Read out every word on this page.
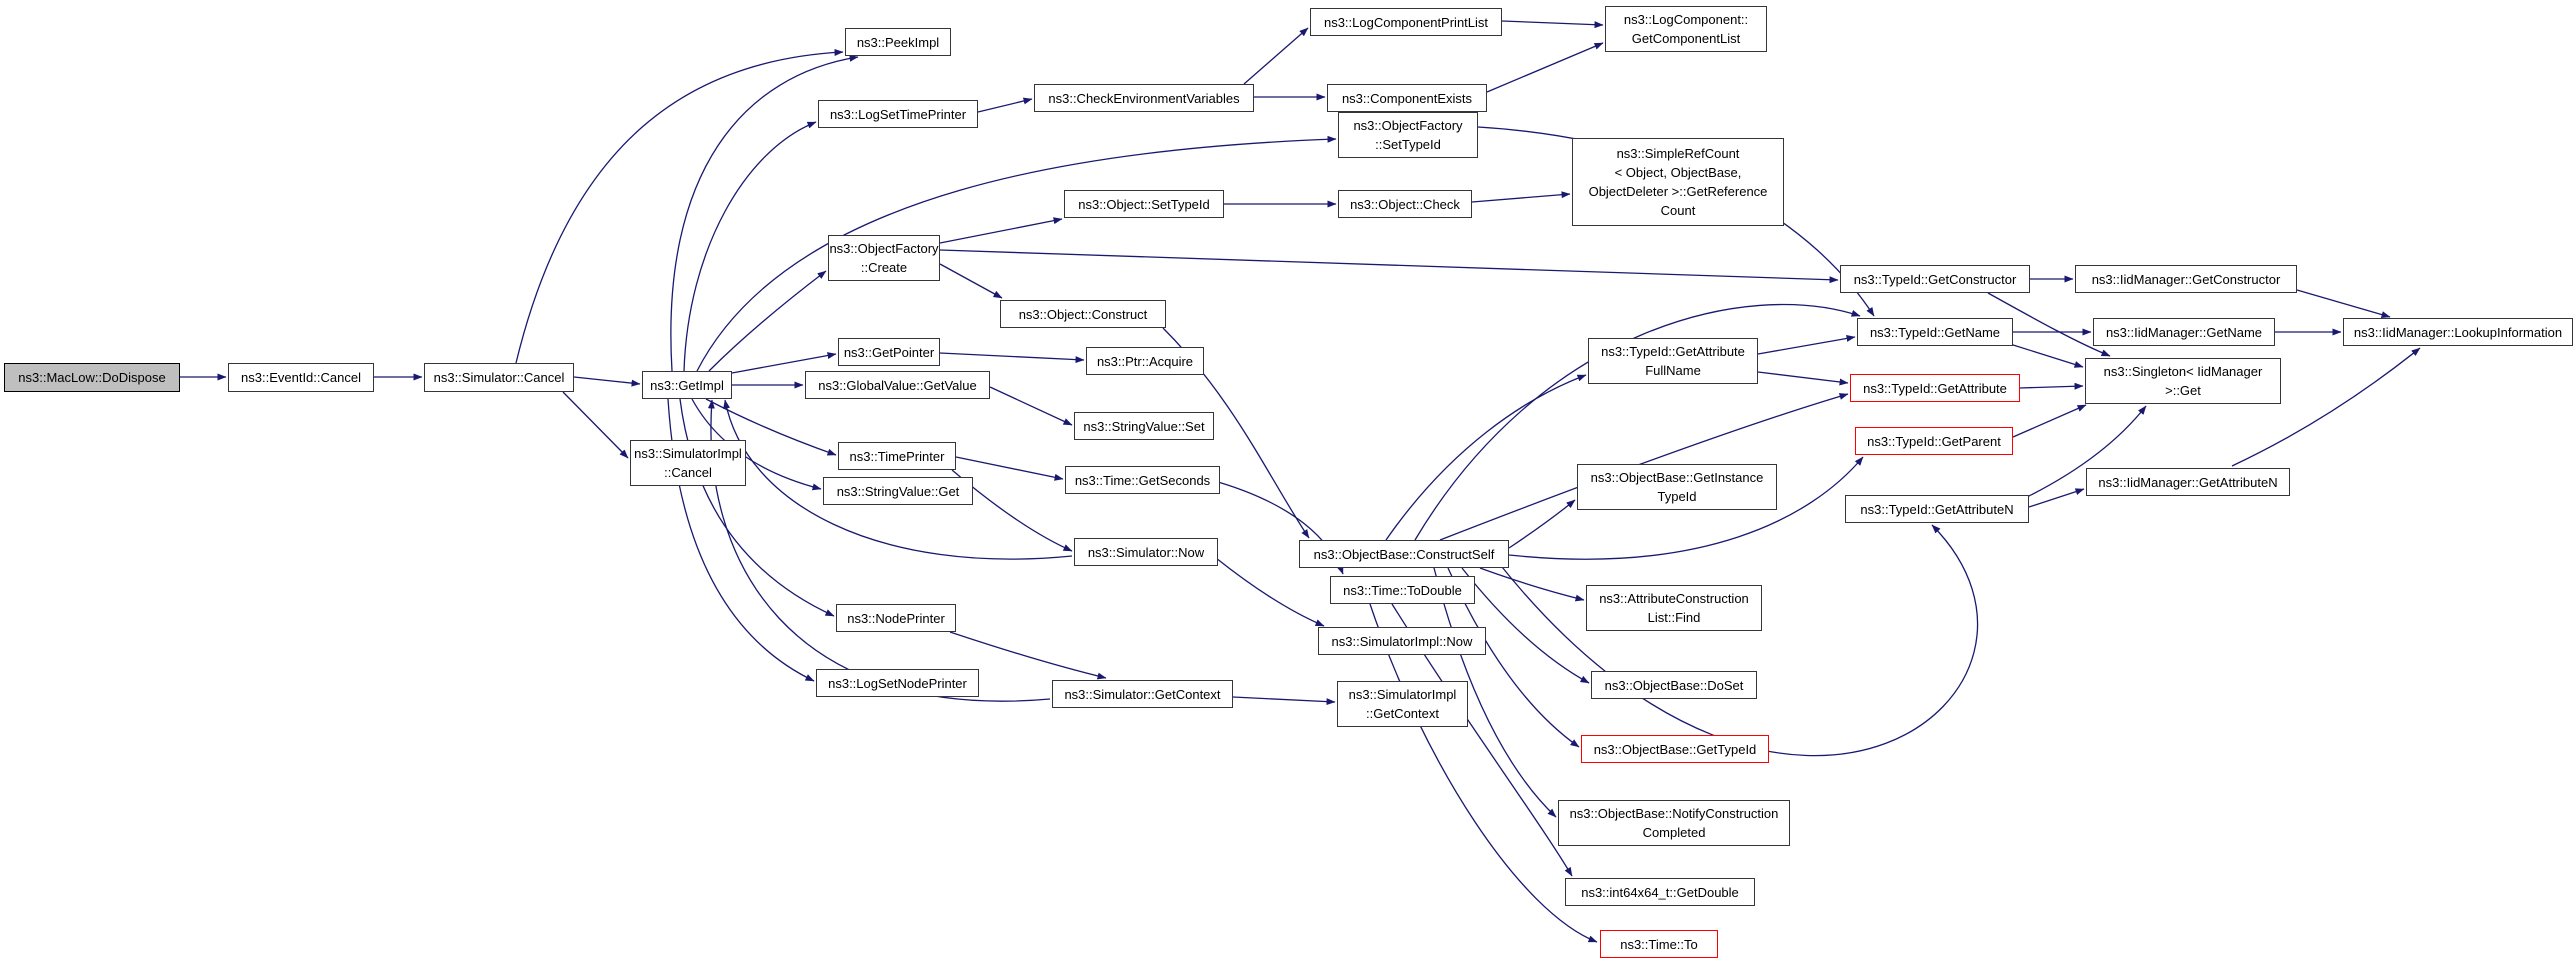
ns3::MacLow::DoDispose	ns3::EventId::Cancel	ns3::Simulator::Cancel	ns3::GetImpl
ns3::SimulatorImpl
::Cancel
ns3::PeekImpl
ns3::LogSetTimePrinter
ns3::CheckEnvironmentVariables
ns3::LogComponentPrintList
ns3::ComponentExists
ns3::LogComponent::
GetComponentList
ns3::ObjectFactory
::SetTypeId
ns3::Object::SetTypeId	ns3::Object::Check
ns3::SimpleRefCount
< Object, ObjectBase,
ObjectDeleter >::GetReference
Count
ns3::ObjectFactory
::Create
ns3::Object::Construct
ns3::GetPointer
ns3::Ptr::Acquire
ns3::GlobalValue::GetValue
ns3::StringValue::Set
ns3::TimePrinter
ns3::StringValue::Get
ns3::Time::GetSeconds
ns3::Simulator::Now
ns3::NodePrinter
ns3::LogSetNodePrinter
ns3::Simulator::GetContext
ns3::SimulatorImpl::Now
ns3::SimulatorImpl
::GetContext
ns3::Time::ToDouble
ns3::ObjectBase::ConstructSelf
ns3::ObjectBase::GetInstance
TypeId
ns3::TypeId::GetAttribute
FullName
ns3::TypeId::GetName
ns3::TypeId::GetAttribute
ns3::TypeId::GetParent
ns3::TypeId::GetAttributeN
ns3::TypeId::GetConstructor	ns3::IidManager::GetConstructor
ns3::IidManager::GetName	ns3::IidManager::LookupInformation
ns3::Singleton< IidManager
>::Get
ns3::IidManager::GetAttributeN
ns3::AttributeConstruction
List::Find
ns3::ObjectBase::DoSet
ns3::ObjectBase::GetTypeId
ns3::ObjectBase::NotifyConstruction
Completed
ns3::int64x64_t::GetDouble
ns3::Time::To
